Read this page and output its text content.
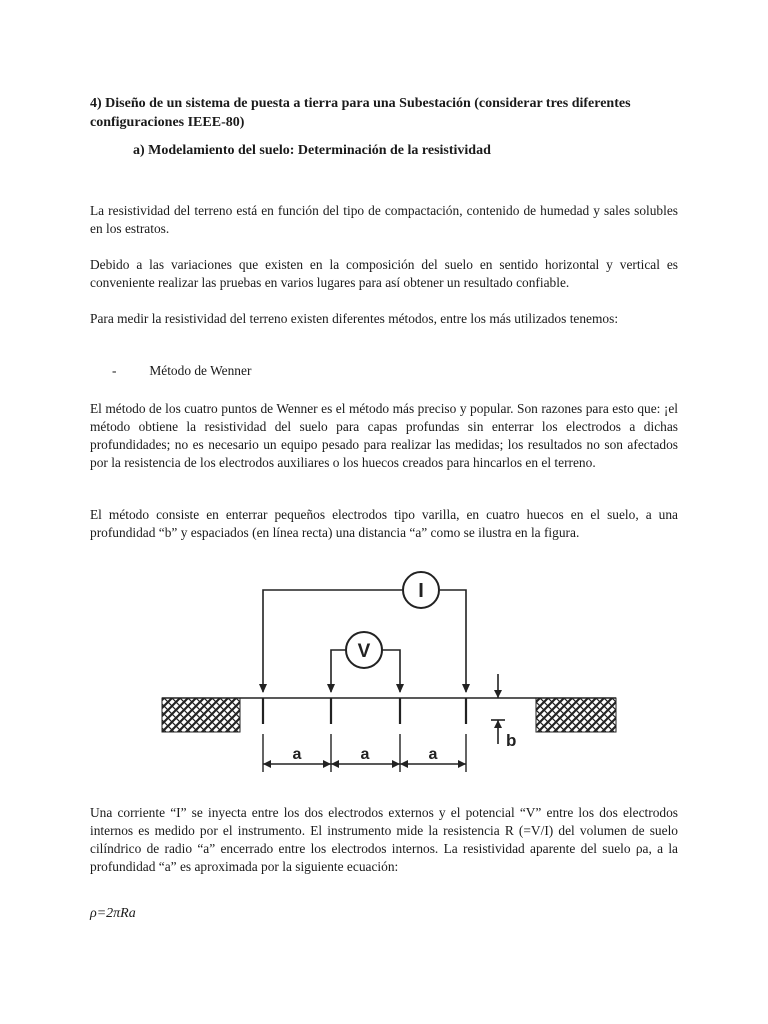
4) Diseño de un sistema de puesta a tierra para una Subestación (considerar tres diferentes configuraciones IEEE-80)

a) Modelamiento del suelo: Determinación de la resistividad

La resistividad del terreno está en función del tipo de compactación, contenido de humedad y sales solubles en los estratos.

Debido a las variaciones que existen en la composición del suelo en sentido horizontal y vertical es conveniente realizar las pruebas en varios lugares para así obtener un resultado confiable.

Para medir la resistividad del terreno existen diferentes métodos, entre los más utilizados tenemos:

- Método de Wenner

El método de los cuatro puntos de Wenner es el método más preciso y popular. Son razones para esto que: ¡el método obtiene la resistividad del suelo para capas profundas sin enterrar los electrodos a dichas profundidades; no es necesario un equipo pesado para realizar las medidas; los resultados no son afectados por la resistencia de los electrodos auxiliares o los huecos creados para hincarlos en el terreno.

El método consiste en enterrar pequeños electrodos tipo varilla, en cuatro huecos en el suelo, a una profundidad “b” y espaciados (en línea recta) una distancia “a” como se ilustra en la figura.

I
V
b
a	a	a

Una corriente “I” se inyecta entre los dos electrodos externos y el potencial “V” entre los dos electrodos internos es medido por el instrumento. El instrumento mide la resistencia R (=V/I) del volumen de suelo cilíndrico de radio “a” encerrado entre los electrodos internos. La resistividad aparente del suelo ρa, a la profundidad “a” es aproximada por la siguiente ecuación:

ρ=2πRa
